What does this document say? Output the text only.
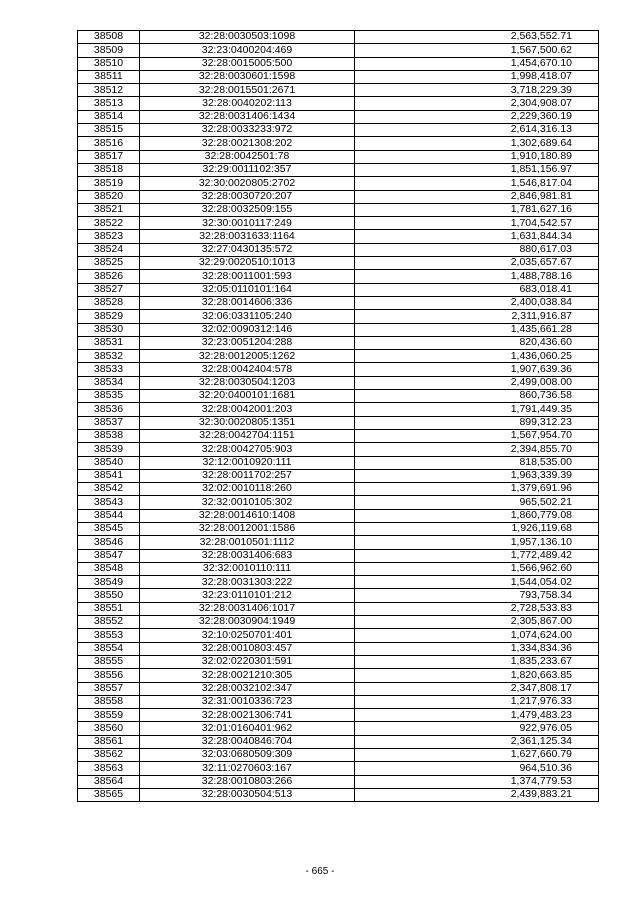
38508	32:28:0030503:1098	2,563,552.71
38509	32:23:0400204:469	1,567,500.62
38510	32:28:0015005:500	1,454,670.10
38511	32:28:0030601:1598	1,998,418.07
38512	32:28:0015501:2671	3,718,229.39
38513	32:28:0040202:113	2,304,908.07
38514	32:28:0031406:1434	2,229,360.19
38515	32:28:0033233:972	2,614,316.13
38516	32:28:0021308:202	1,302,689.64
38517	32:28:0042501:78	1,910,180.89
38518	32:29:0011102:357	1,851,156.97
38519	32:30:0020805:2702	1,546,817.04
38520	32:28:0030720:207	2,846,981.81
38521	32:28:0032509:155	1,781,627.16
38522	32:30:0010117:249	1,704,542.57
38523	32:28:0031633:1164	1,631,844.34
38524	32:27:0430135:572	880,617.03
38525	32:29:0020510:1013	2,035,657.67
38526	32:28:0011001:593	1,488,788.16
38527	32:05:0110101:164	683,018.41
38528	32:28:0014606:336	2,400,038.84
38529	32:06:0331105:240	2,311,916.87
38530	32:02:0090312:146	1,435,661.28
38531	32:23:0051204:288	820,436.60
38532	32:28:0012005:1262	1,436,060.25
38533	32:28:0042404:578	1,907,639.36
38534	32:28:0030504:1203	2,499,008.00
38535	32:20:0400101:1681	860,736.58
38536	32:28:0042001:203	1,791,449.35
38537	32:30:0020805:1351	899,312.23
38538	32:28:0042704:1151	1,567,954.70
38539	32:28:0042705:903	2,394,855.70
38540	32:12:0010920:111	818,535.00
38541	32:28:0011702:257	1,963,339.39
38542	32:02:0010118:260	1,379,691.96
38543	32:32:0010105:302	965,502.21
38544	32:28:0014610:1408	1,860,779.08
38545	32:28:0012001:1586	1,926,119.68
38546	32:28:0010501:1112	1,957,136.10
38547	32:28:0031406:683	1,772,489.42
38548	32:32:0010110:111	1,566,962.60
38549	32:28:0031303:222	1,544,054.02
38550	32:23:0110101:212	793,758.34
38551	32:28:0031406:1017	2,728,533.83
38552	32:28:0030904:1949	2,305,867.00
38553	32:10:0250701:401	1,074,624.00
38554	32:28:0010803:457	1,334,834.36
38555	32:02:0220301:591	1,835,233.67
38556	32:28:0021210:305	1,820,663.85
38557	32:28:0032102:347	2,347,808.17
38558	32:31:0010336:723	1,217,976.33
38559	32:28:0021306:741	1,479,483.23
38560	32:01:0160401:962	922,976.05
38561	32:28:0040846:704	2,361,125.34
38562	32:03:0680509:309	1,627,660.79
38563	32:11:0270603:167	964,510.36
38564	32:28:0010803:266	1,374,779.53
38565	32:28:0030504:513	2,439,883.21
- 665 -
